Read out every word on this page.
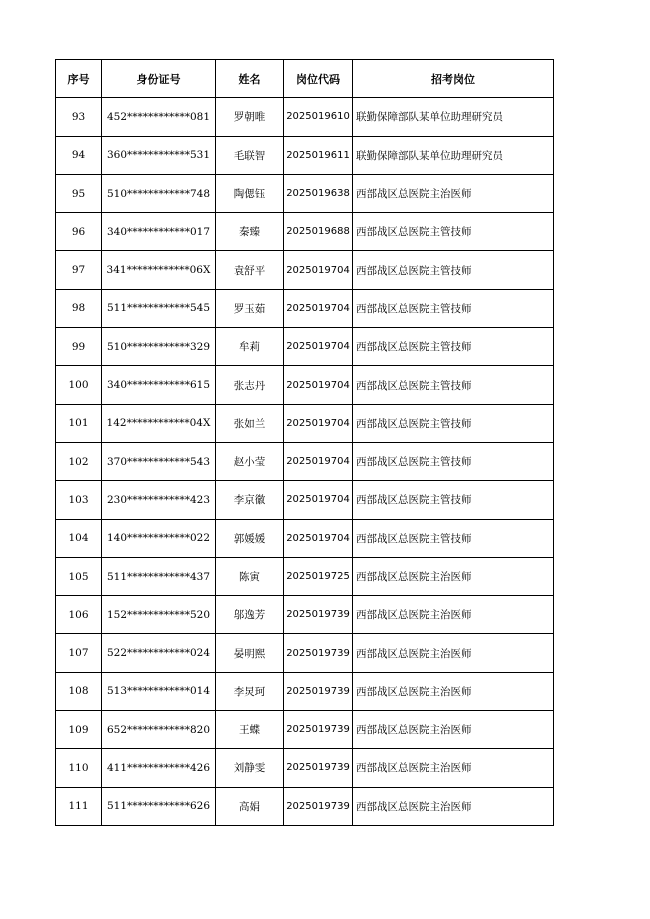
序号	身份证号	姓名	岗位代码	招考岗位
93	452************081	罗朝唯	2025019610	联勤保障部队某单位助理研究员
94	360************531	毛联智	2025019611	联勤保障部队某单位助理研究员
95	510************748	陶偲钰	2025019638	西部战区总医院主治医师
96	340************017	秦臻	2025019688	西部战区总医院主管技师
97	341************06X	袁舒平	2025019704	西部战区总医院主管技师
98	511************545	罗玉茹	2025019704	西部战区总医院主管技师
99	510************329	牟莉	2025019704	西部战区总医院主管技师
100	340************615	张志丹	2025019704	西部战区总医院主管技师
101	142************04X	张如兰	2025019704	西部战区总医院主管技师
102	370************543	赵小莹	2025019704	西部战区总医院主管技师
103	230************423	李京徽	2025019704	西部战区总医院主管技师
104	140************022	郭媛媛	2025019704	西部战区总医院主管技师
105	511************437	陈寅	2025019725	西部战区总医院主治医师
106	152************520	邬逸芳	2025019739	西部战区总医院主治医师
107	522************024	晏明熙	2025019739	西部战区总医院主治医师
108	513************014	李炅珂	2025019739	西部战区总医院主治医师
109	652************820	王蝶	2025019739	西部战区总医院主治医师
110	411************426	刘静雯	2025019739	西部战区总医院主治医师
111	511************626	高娟	2025019739	西部战区总医院主治医师
